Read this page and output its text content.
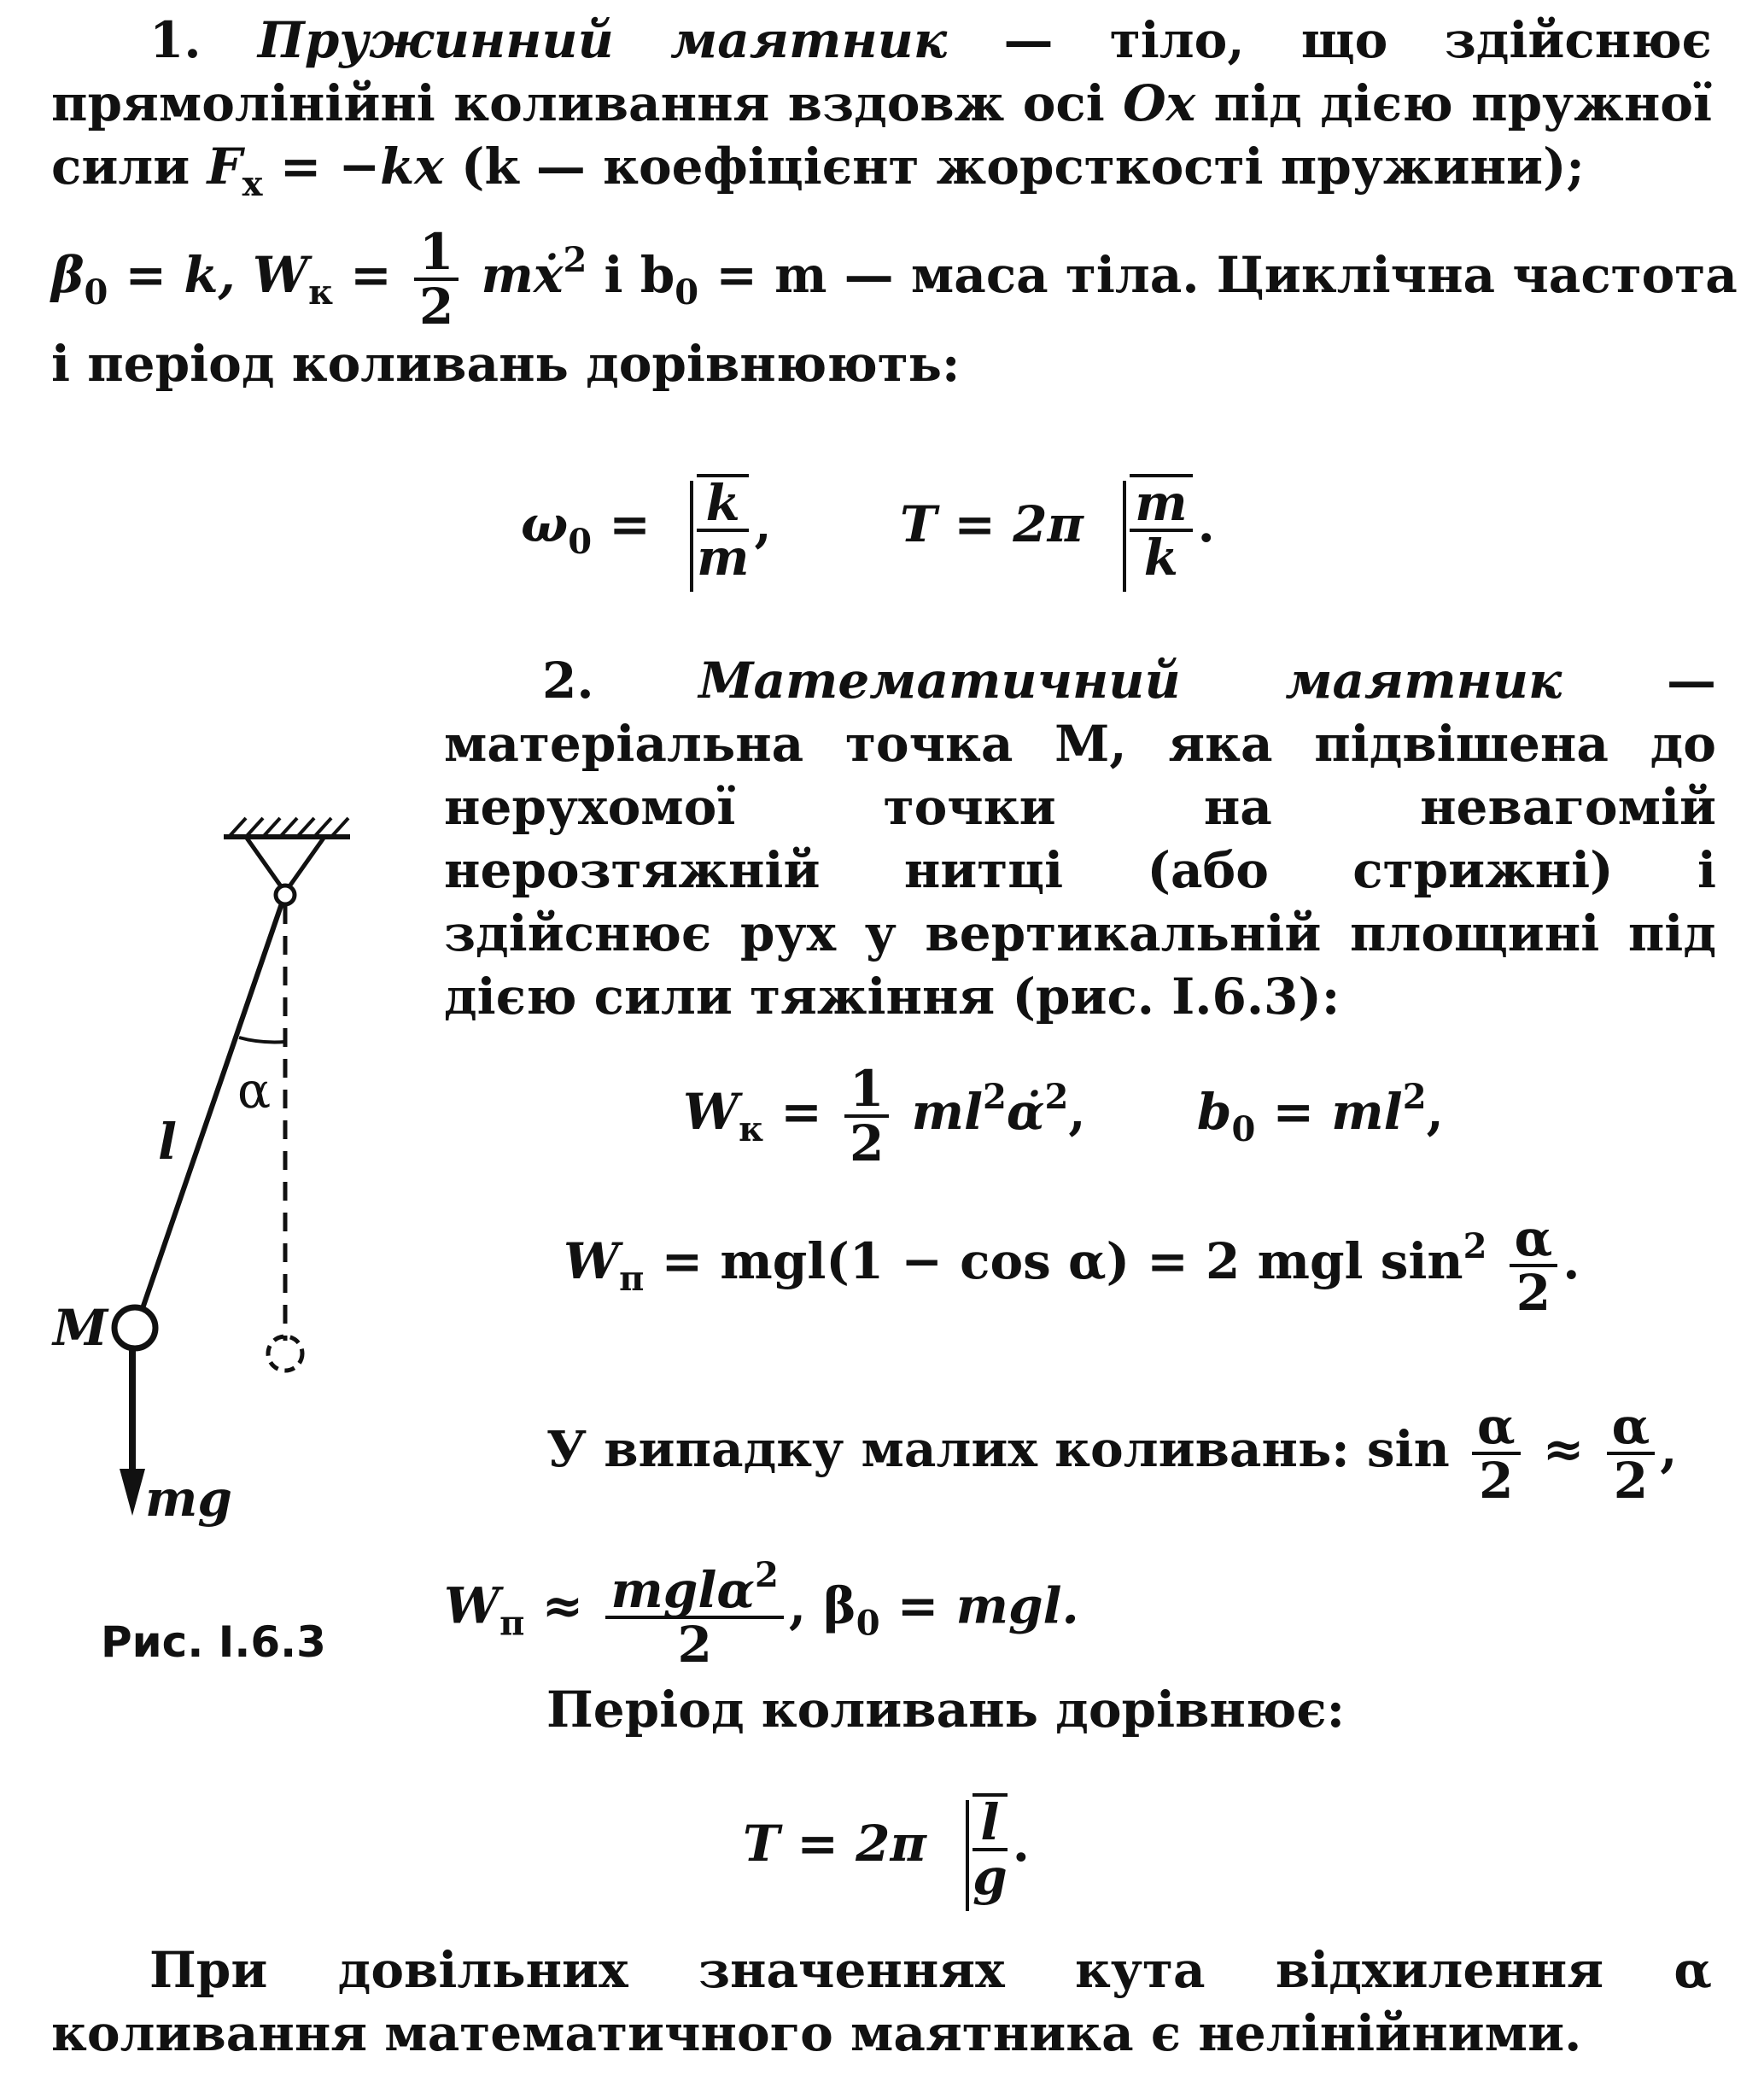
1. Пружинний маятник — тіло, що здійснює прямолінійні коливання вздовж осі Ox під дією пружної сили $F_x = -kx$ (k — коефіцієнт жорсткості пружини);

$\beta_0 = k$, $W_к = \frac{1}{2}$ mẋ$^2$ і $b_0 = m$ — маса тіла. Циклічна частота і період коливань дорівнюють:
$\omega_0 = \frac{k}{m}$ ,	$T = 2\pi \frac{m}{k}$ .

2. Математичний маятник — матеріальна точка M, яка підвішена до нерухомої точки на невагомій нерозтяжній нитці (або стрижні) і здійснює рух у вертикальній площині під дією сили тяжіння (рис. І.6.3):

$W_к = \frac{1}{2}$ $ml^2\alphȧ^2$, $b_0 = ml^2$,
$W_п = mgl(1 - \cos \alpha) = 2$ mgl $\sin^2 \frac{\alpha}{2}$ .
У випадку малих коливань: $\sin \frac{\alpha}{2} \approx \frac{\alpha}{2}$ ,
$W_п \approx mgl\alpha^2$
2
, $\beta_0$ = mgl.
Період коливань дорівнює:
$T = 2\pi \frac{l}{g}$ .

При довільних значеннях кута відхилення α коливання математичного маятника є нелінійними.

l
α
M
mg
Рис. І.6.3
